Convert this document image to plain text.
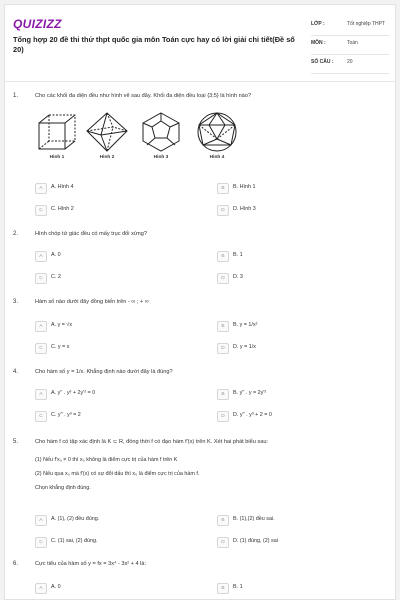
QUIZIZZ
Tổng hợp 20 đề thi thử thpt quốc gia môn Toán cực hay có lời giải chi tiết(Đề số 20)
LỚP :	Tốt nghiệp THPT
MÔN :	Toán
SỐ CÂU :	20
1.	Cho các khối đa diện đều như hình vẽ sau đây. Khối đa diện đều loại {3;5} là hình nào?
Hình 1	Hình 2	Hình 3	Hình 4
A	A. Hình 4	B	B. Hình 1
C	C. Hình 2	D	D. Hình 3
2.	Hình chóp tứ giác đều có mấy trục đối xứng?
A	A. 0	B	B. 1
C	C. 2	D	D. 3
3.	Hàm số nào dưới đây đồng biến trên - ∞ ; + ∞
A	A. y = √x	B	B. y = 1/x²
C	C. y = x	D	D. y = 1/x
4.	Cho hàm số y = 1/x. Khẳng định nào dưới đây là đúng?
A	A. y'' . y³ + 2y'² = 0	B	B. y'' . y = 2y'²
C	C. y'' . y³ = 2	D	D. y'' . y³ + 2 = 0
5.	Cho hàm f có tập xác định là K ⊂ R, đồng thời f có đạo hàm f'(x) trên K. Xét hai phát biểu sau:
(1) Nếu f'x₀ ≠ 0 thì x₀ không là điểm cực trị của hàm f trên K
(2) Nếu qua x₀ mà f'(x) có sự đổi dấu thì x₀ là điểm cực trị của hàm f.
Chọn khẳng định đúng.
A	A. (1), (2) đều đúng.	B	B. (1),(2) đều sai.
C	C. (1) sai, (2) đúng.	D	D. (1) đúng, (2) sai
6.	Cực tiểu của hàm số y = fx = 3x⁴ - 3x² + 4 là:
A	A. 0	B	B. 1
